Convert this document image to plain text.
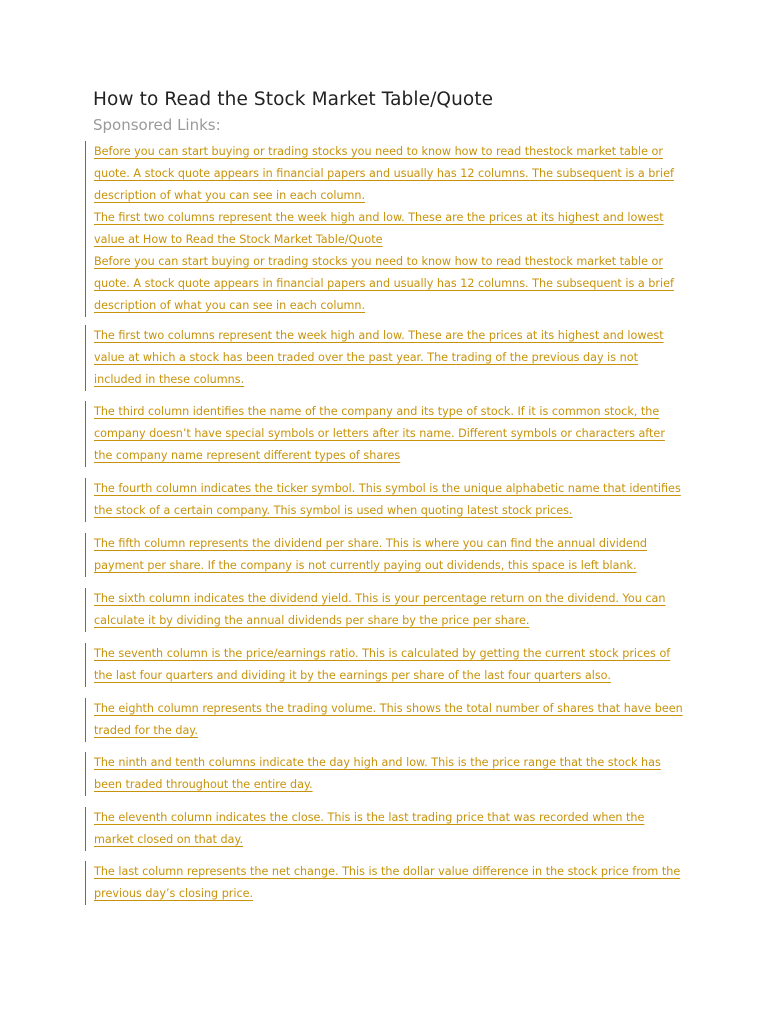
How to Read the Stock Market Table/Quote
Sponsored Links:

Before you can start buying or trading stocks you need to know how to read thestock market table or quote. A stock quote appears in financial papers and usually has 12 columns. The subsequent is a brief description of what you can see in each column.

The first two columns represent the week high and low. These are the prices at its highest and lowest value at How to Read the Stock Market Table/Quote

Before you can start buying or trading stocks you need to know how to read thestock market table or quote. A stock quote appears in financial papers and usually has 12 columns. The subsequent is a brief description of what you can see in each column.

The first two columns represent the week high and low. These are the prices at its highest and lowest value at which a stock has been traded over the past year. The trading of the previous day is not included in these columns.

The third column identifies the name of the company and its type of stock. If it is common stock, the company doesn’t have special symbols or letters after its name. Different symbols or characters after the company name represent different types of shares

The fourth column indicates the ticker symbol. This symbol is the unique alphabetic name that identifies the stock of a certain company. This symbol is used when quoting latest stock prices.

The fifth column represents the dividend per share. This is where you can find the annual dividend payment per share. If the company is not currently paying out dividends, this space is left blank.

The sixth column indicates the dividend yield. This is your percentage return on the dividend. You can calculate it by dividing the annual dividends per share by the price per share.

The seventh column is the price/earnings ratio. This is calculated by getting the current stock prices of the last four quarters and dividing it by the earnings per share of the last four quarters also.

The eighth column represents the trading volume. This shows the total number of shares that have been traded for the day.

The ninth and tenth columns indicate the day high and low. This is the price range that the stock has been traded throughout the entire day.

The eleventh column indicates the close. This is the last trading price that was recorded when the market closed on that day.

The last column represents the net change. This is the dollar value difference in the stock price from the previous day’s closing price.
